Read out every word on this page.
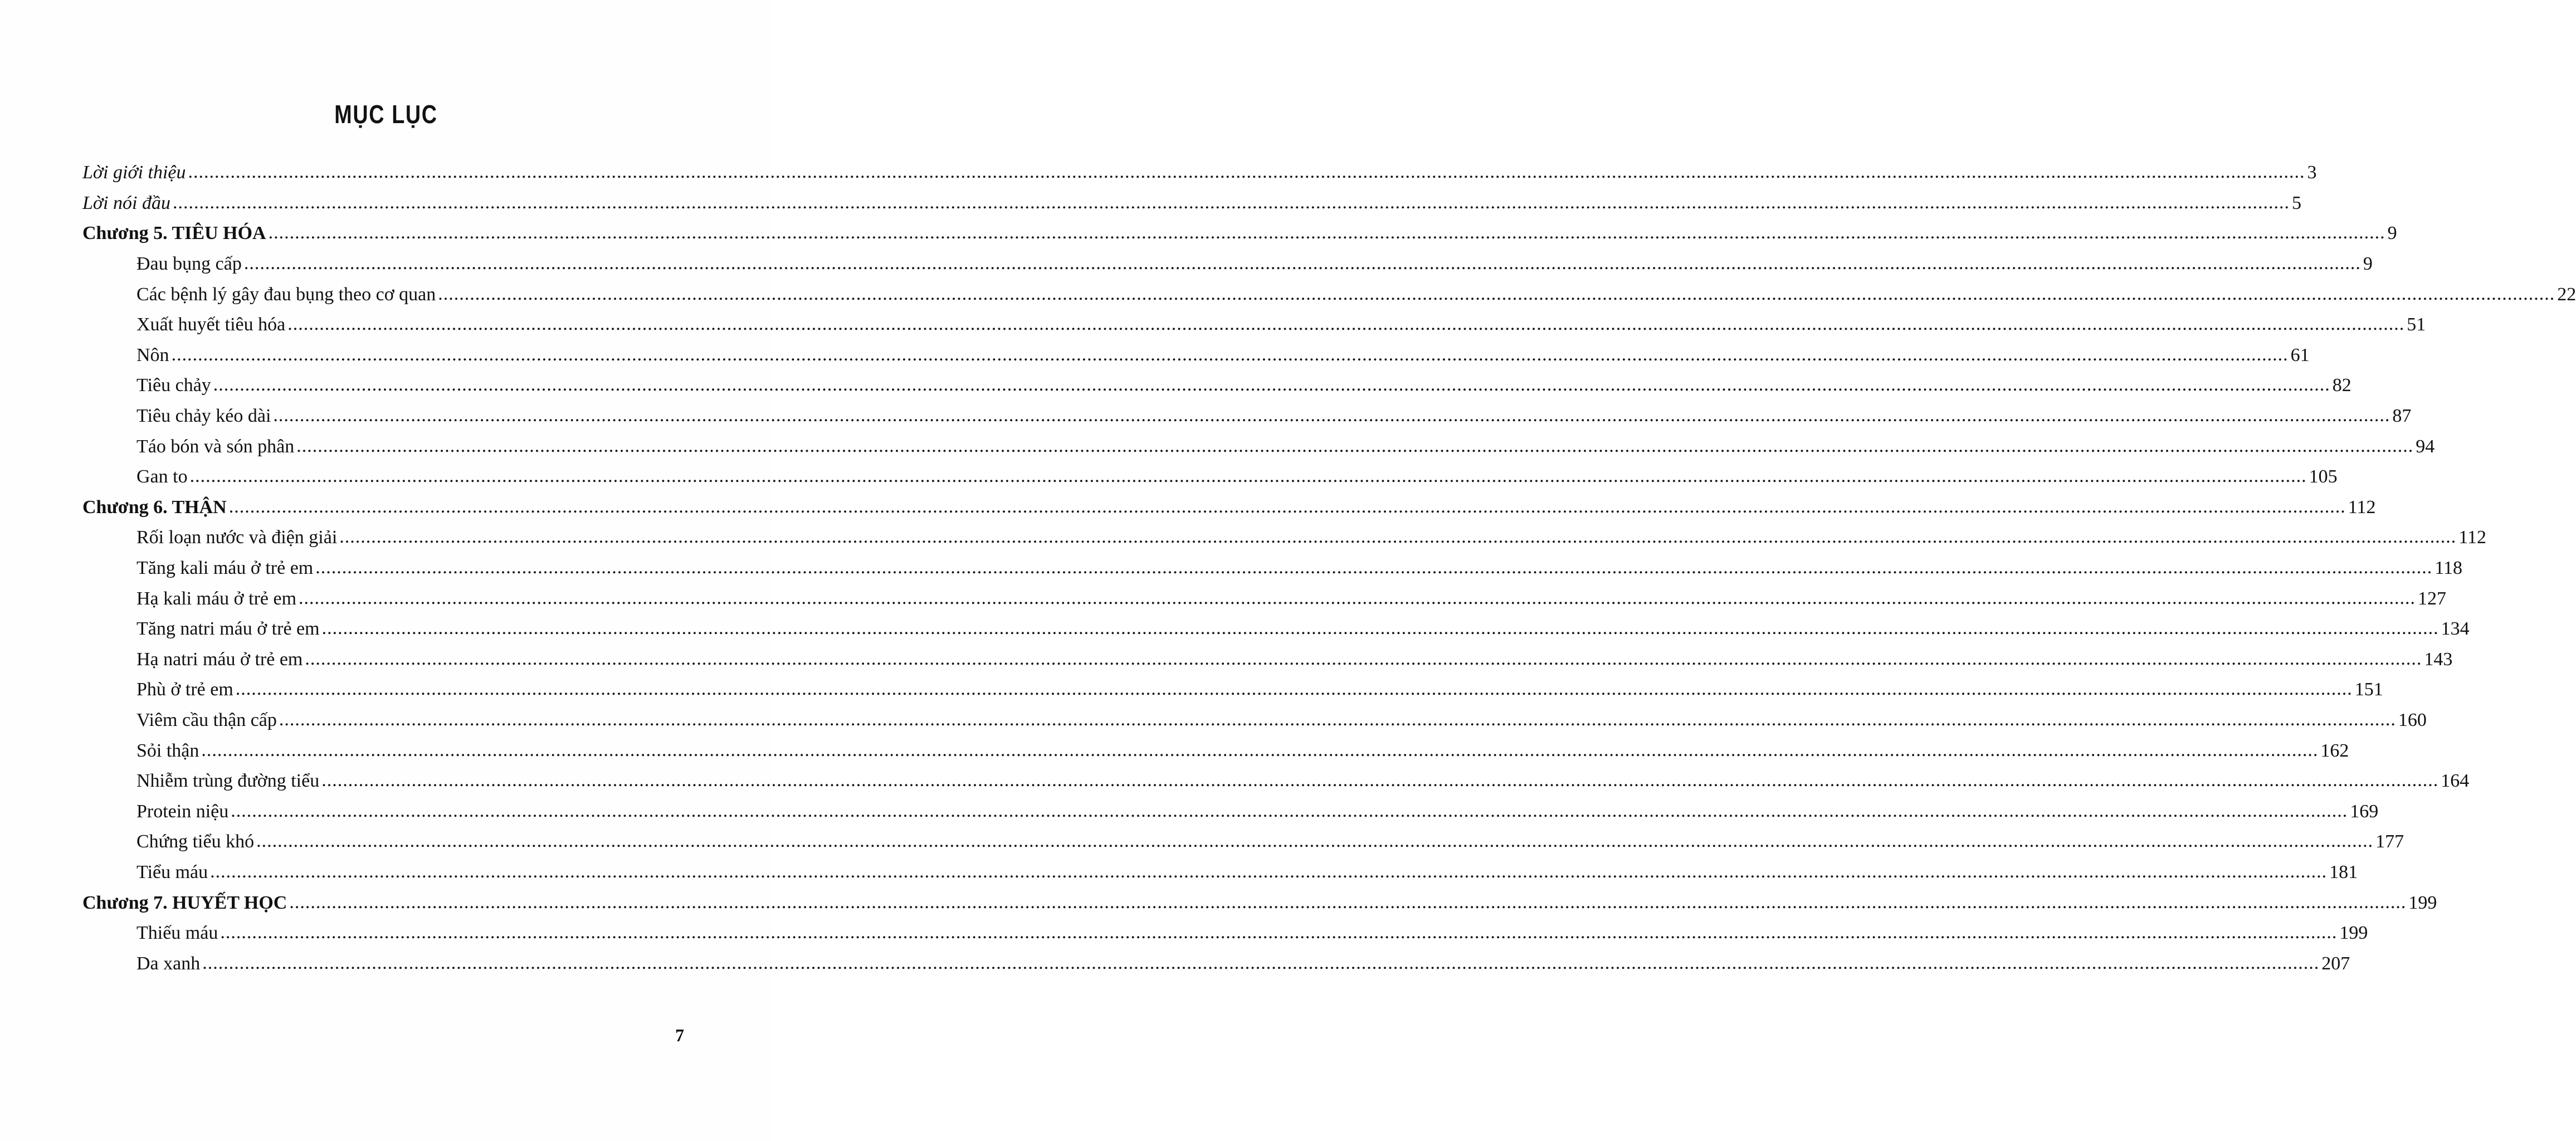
MỤC LỤC
Lời giới thiệu ................................................................................................................................................................................................................................................................................................................................................................................................................ 3
Lời nói đầu ................................................................................................................................................................................................................................................................................................................................................................................................................ 5
Chương 5. TIÊU HÓA ................................................................................................................................................................................................................................................................................................................................................................................................................ 9
Đau bụng cấp ................................................................................................................................................................................................................................................................................................................................................................................................................ 9
Các bệnh lý gây đau bụng theo cơ quan ................................................................................................................................................................................................................................................................................................................................................................................................................ 22
Xuất huyết tiêu hóa ................................................................................................................................................................................................................................................................................................................................................................................................................ 51
Nôn ................................................................................................................................................................................................................................................................................................................................................................................................................ 61
Tiêu chảy ................................................................................................................................................................................................................................................................................................................................................................................................................ 82
Tiêu chảy kéo dài ................................................................................................................................................................................................................................................................................................................................................................................................................ 87
Táo bón và són phân ................................................................................................................................................................................................................................................................................................................................................................................................................ 94
Gan to ................................................................................................................................................................................................................................................................................................................................................................................................................ 105
Chương 6. THẬN ................................................................................................................................................................................................................................................................................................................................................................................................................ 112
Rối loạn nước và điện giải ................................................................................................................................................................................................................................................................................................................................................................................................................ 112
Tăng kali máu ở trẻ em ................................................................................................................................................................................................................................................................................................................................................................................................................ 118
Hạ kali máu ở trẻ em ................................................................................................................................................................................................................................................................................................................................................................................................................ 127
Tăng natri máu ở trẻ em ................................................................................................................................................................................................................................................................................................................................................................................................................ 134
Hạ natri máu ở trẻ em ................................................................................................................................................................................................................................................................................................................................................................................................................ 143
Phù ở trẻ em ................................................................................................................................................................................................................................................................................................................................................................................................................ 151
Viêm cầu thận cấp ................................................................................................................................................................................................................................................................................................................................................................................................................ 160
Sỏi thận ................................................................................................................................................................................................................................................................................................................................................................................................................ 162
Nhiễm trùng đường tiểu ................................................................................................................................................................................................................................................................................................................................................................................................................ 164
Protein niệu ................................................................................................................................................................................................................................................................................................................................................................................................................ 169
Chứng tiểu khó ................................................................................................................................................................................................................................................................................................................................................................................................................ 177
Tiểu máu ................................................................................................................................................................................................................................................................................................................................................................................................................ 181
Chương 7. HUYẾT HỌC ................................................................................................................................................................................................................................................................................................................................................................................................................ 199
Thiếu máu ................................................................................................................................................................................................................................................................................................................................................................................................................ 199
Da xanh ................................................................................................................................................................................................................................................................................................................................................................................................................ 207
7
